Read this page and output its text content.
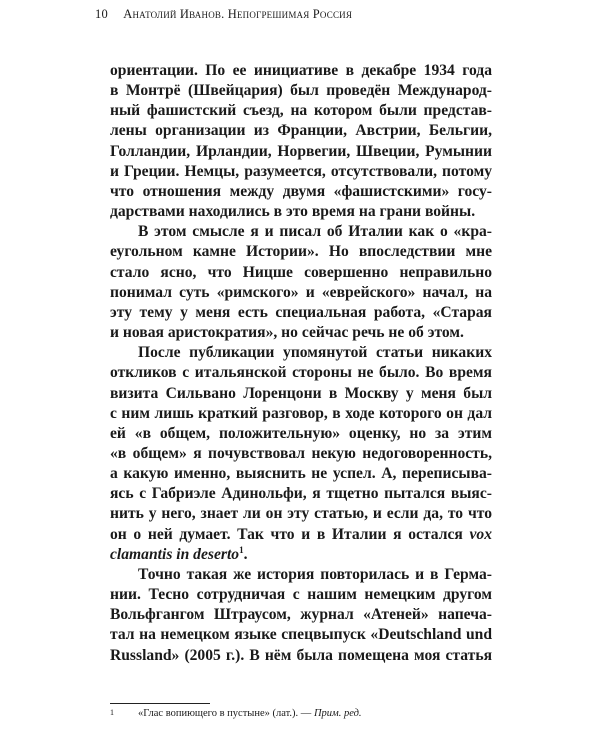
10 Анатолий Иванов. Непогрешимая Россия
ориентации. По ее инициативе в декабре 1934 года
в Монтрё (Швейцария) был проведён Международ-
ный фашистский съезд, на котором были представ-
лены организации из Франции, Австрии, Бельгии,
Голландии, Ирландии, Норвегии, Швеции, Румынии
и Греции. Немцы, разумеется, отсутствовали, потому
что отношения между двумя «фашистскими» госу-
дарствами находились в это время на грани войны.
В этом смысле я и писал об Италии как о «кра-
еугольном камне Истории». Но впоследствии мне
стало ясно, что Ницше совершенно неправильно
понимал суть «римского» и «еврейского» начал, на
эту тему у меня есть специальная работа, «Старая
и новая аристократия», но сейчас речь не об этом.
После публикации упомянутой статьи никаких
откликов с итальянской стороны не было. Во время
визита Сильвано Лоренцони в Москву у меня был
с ним лишь краткий разговор, в ходе которого он дал
ей «в общем, положительную» оценку, но за этим
«в общем» я почувствовал некую недоговоренность,
а какую именно, выяснить не успел. А, переписыва-
ясь с Габриэле Адинольфи, я тщетно пытался выяс-
нить у него, знает ли он эту статью, и если да, то что
он о ней думает. Так что и в Италии я остался vox
clamantis in deserto$^1$.
Точно такая же история повторилась и в Герма-
нии. Тесно сотрудничая с нашим немецким другом
Вольфгангом Штраусом, журнал «Атеней» напеча-
тал на немецком языке спецвыпуск «Deutschland und
Russland» (2005 г.). В нём была помещена моя статья
1 «Глас вопиющего в пустыне» (лат.). — Прим. ред.
